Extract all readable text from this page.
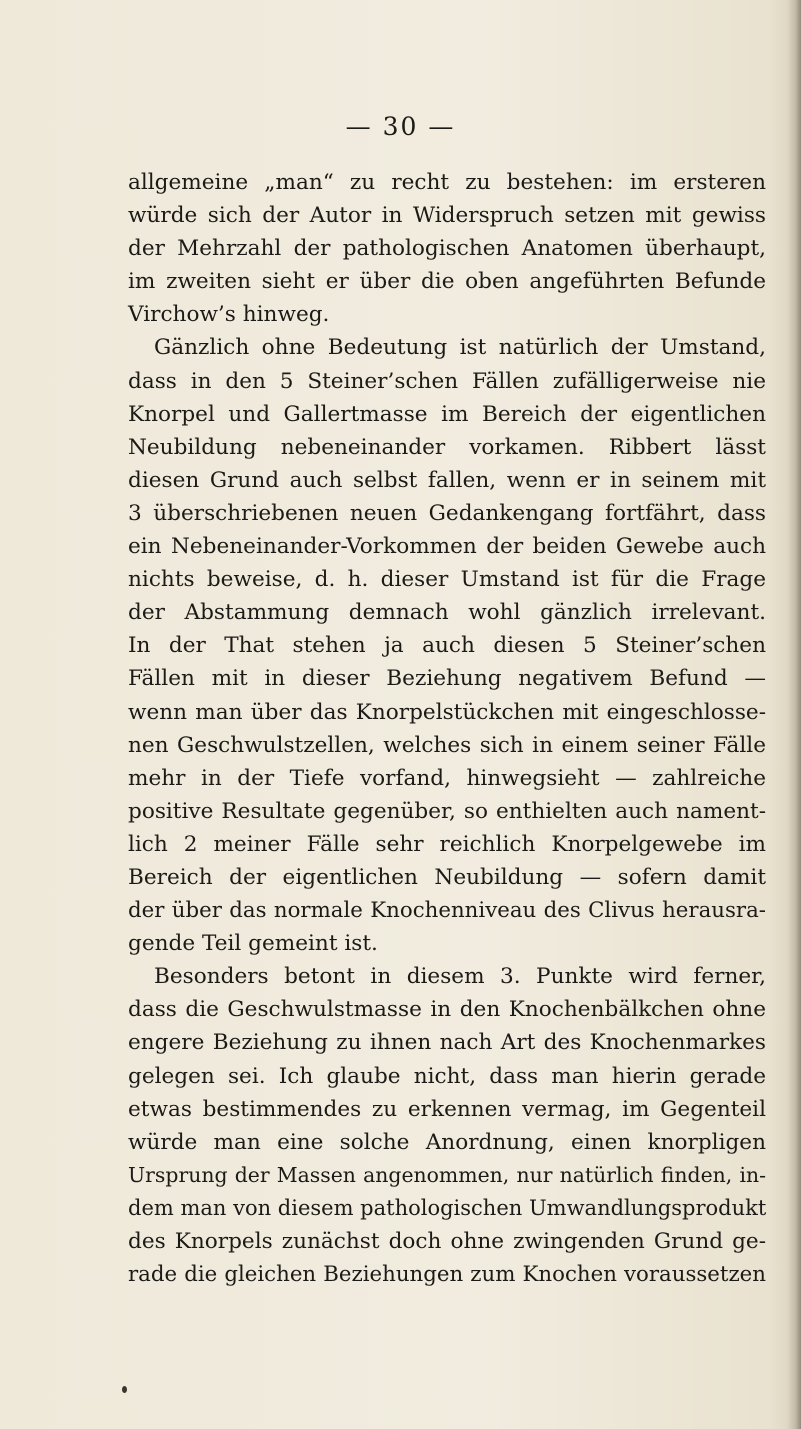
— 30 —
allgemeine „man“ zu recht zu bestehen: im ersteren
würde sich der Autor in Widerspruch setzen mit gewiss
der Mehrzahl der pathologischen Anatomen überhaupt,
im zweiten sieht er über die oben angeführten Befunde
Virchow’s hinweg.
Gänzlich ohne Bedeutung ist natürlich der Umstand,
dass in den 5 Steiner’schen Fällen zufälligerweise nie
Knorpel und Gallertmasse im Bereich der eigentlichen
Neubildung nebeneinander vorkamen. Ribbert lässt
diesen Grund auch selbst fallen, wenn er in seinem mit
3 überschriebenen neuen Gedankengang fortfährt, dass
ein Nebeneinander-Vorkommen der beiden Gewebe auch
nichts beweise, d. h. dieser Umstand ist für die Frage
der Abstammung demnach wohl gänzlich irrelevant.
In der That stehen ja auch diesen 5 Steiner’schen
Fällen mit in dieser Beziehung negativem Befund —
wenn man über das Knorpelstückchen mit eingeschlosse-
nen Geschwulstzellen, welches sich in einem seiner Fälle
mehr in der Tiefe vorfand, hinwegsieht — zahlreiche
positive Resultate gegenüber, so enthielten auch nament-
lich 2 meiner Fälle sehr reichlich Knorpelgewebe im
Bereich der eigentlichen Neubildung — sofern damit
der über das normale Knochenniveau des Clivus herausra-
gende Teil gemeint ist.
Besonders betont in diesem 3. Punkte wird ferner,
dass die Geschwulstmasse in den Knochenbälkchen ohne
engere Beziehung zu ihnen nach Art des Knochenmarkes
gelegen sei. Ich glaube nicht, dass man hierin gerade
etwas bestimmendes zu erkennen vermag, im Gegenteil
würde man eine solche Anordnung, einen knorpligen
Ursprung der Massen angenommen, nur natürlich finden, in-
dem man von diesem pathologischen Umwandlungsprodukt
des Knorpels zunächst doch ohne zwingenden Grund ge-
rade die gleichen Beziehungen zum Knochen voraussetzen
